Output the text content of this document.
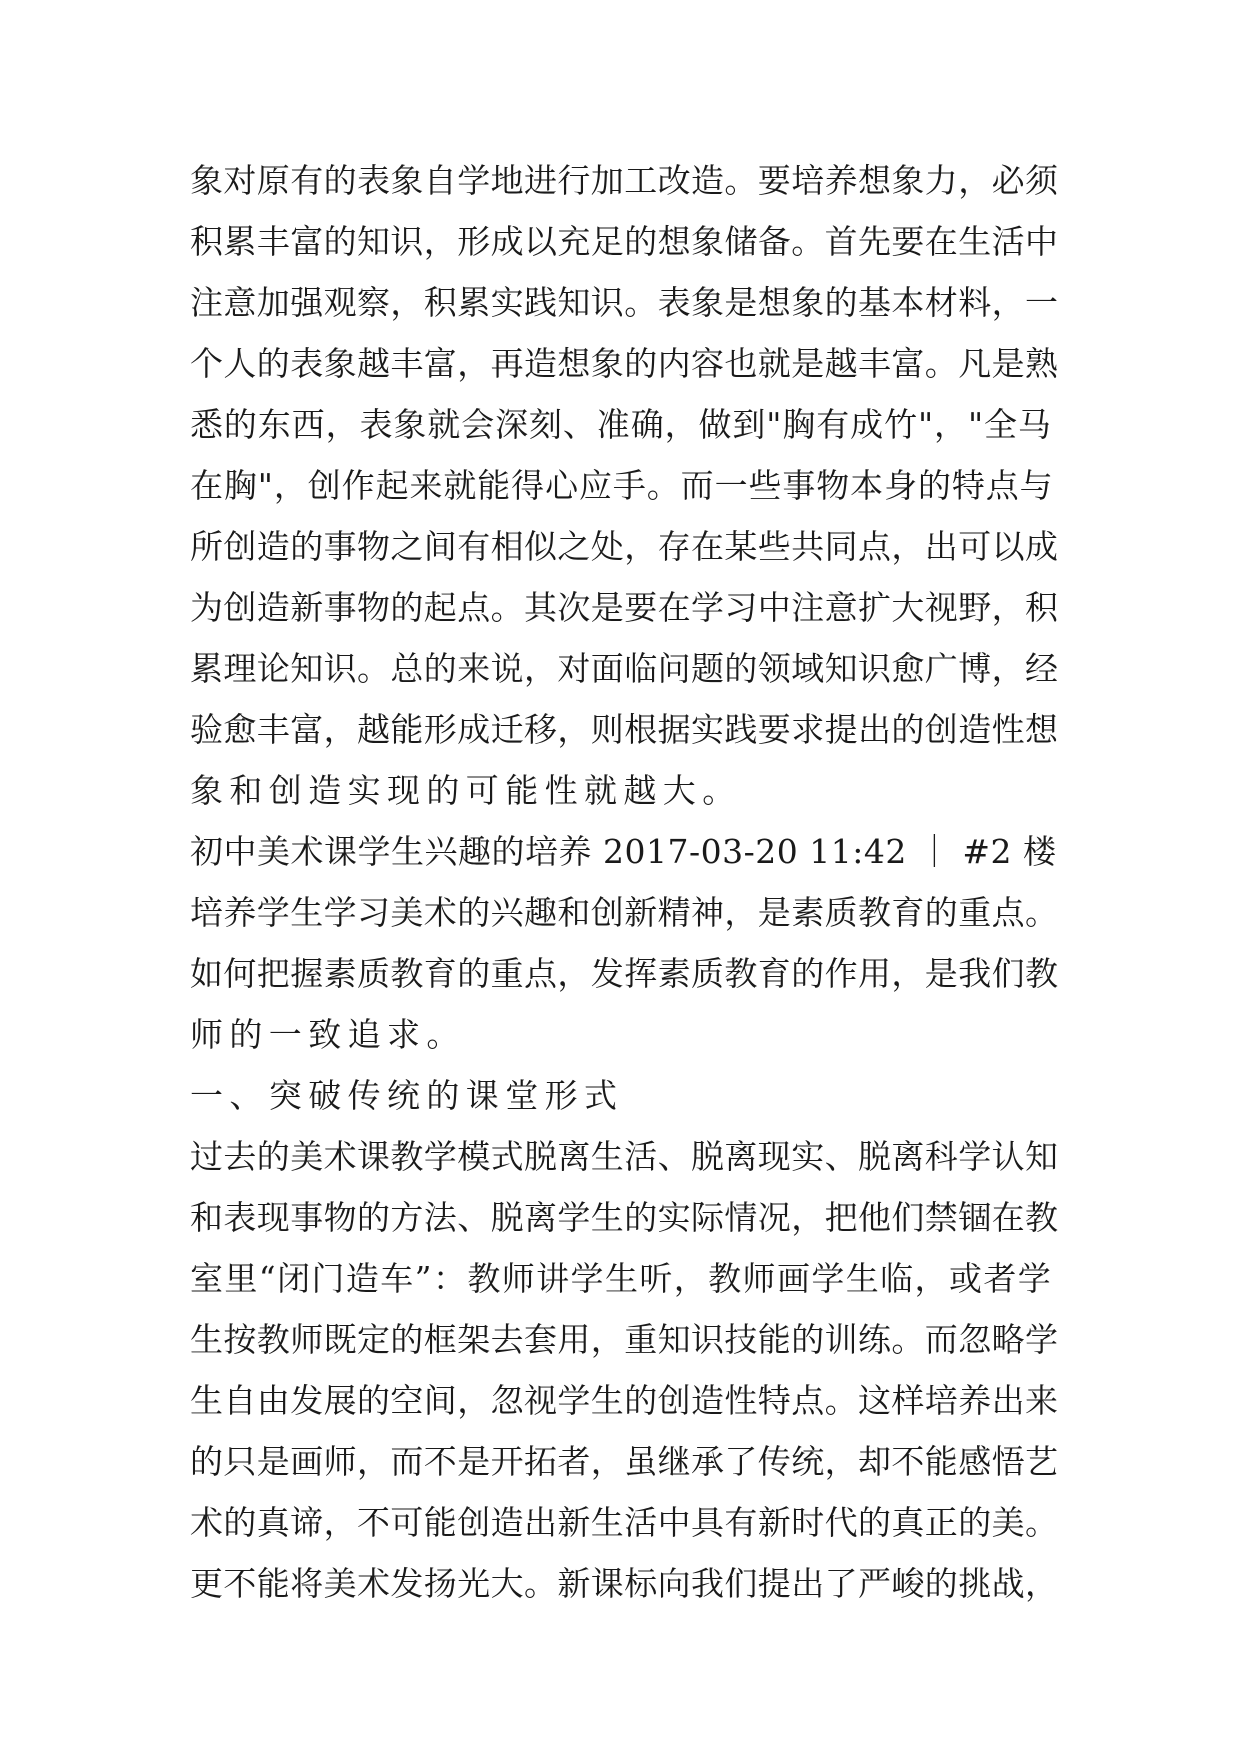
象对原有的表象自学地进行加工改造。要培养想象力，必须
积累丰富的知识，形成以充足的想象储备。首先要在生活中
注意加强观察，积累实践知识。表象是想象的基本材料，一
个人的表象越丰富，再造想象的内容也就是越丰富。凡是熟
悉的东西，表象就会深刻、准确，做到"胸有成竹"，"全马
在胸"，创作起来就能得心应手。而一些事物本身的特点与
所创造的事物之间有相似之处，存在某些共同点，出可以成
为创造新事物的起点。其次是要在学习中注意扩大视野，积
累理论知识。总的来说，对面临问题的领域知识愈广博，经
验愈丰富，越能形成迁移，则根据实践要求提出的创造性想
象和创造实现的可能性就越大。
初中美术课学生兴趣的培养 2017-03-20 11:42 ｜ #2 楼
培养学生学习美术的兴趣和创新精神，是素质教育的重点。
如何把握素质教育的重点，发挥素质教育的作用，是我们教
师的一致追求。
一、突破传统的课堂形式
过去的美术课教学模式脱离生活、脱离现实、脱离科学认知
和表现事物的方法、脱离学生的实际情况，把他们禁锢在教
室里“闭门造车”：教师讲学生听，教师画学生临，或者学
生按教师既定的框架去套用，重知识技能的训练。而忽略学
生自由发展的空间，忽视学生的创造性特点。这样培养出来
的只是画师，而不是开拓者，虽继承了传统，却不能感悟艺
术的真谛，不可能创造出新生活中具有新时代的真正的美。
更不能将美术发扬光大。新课标向我们提出了严峻的挑战，
